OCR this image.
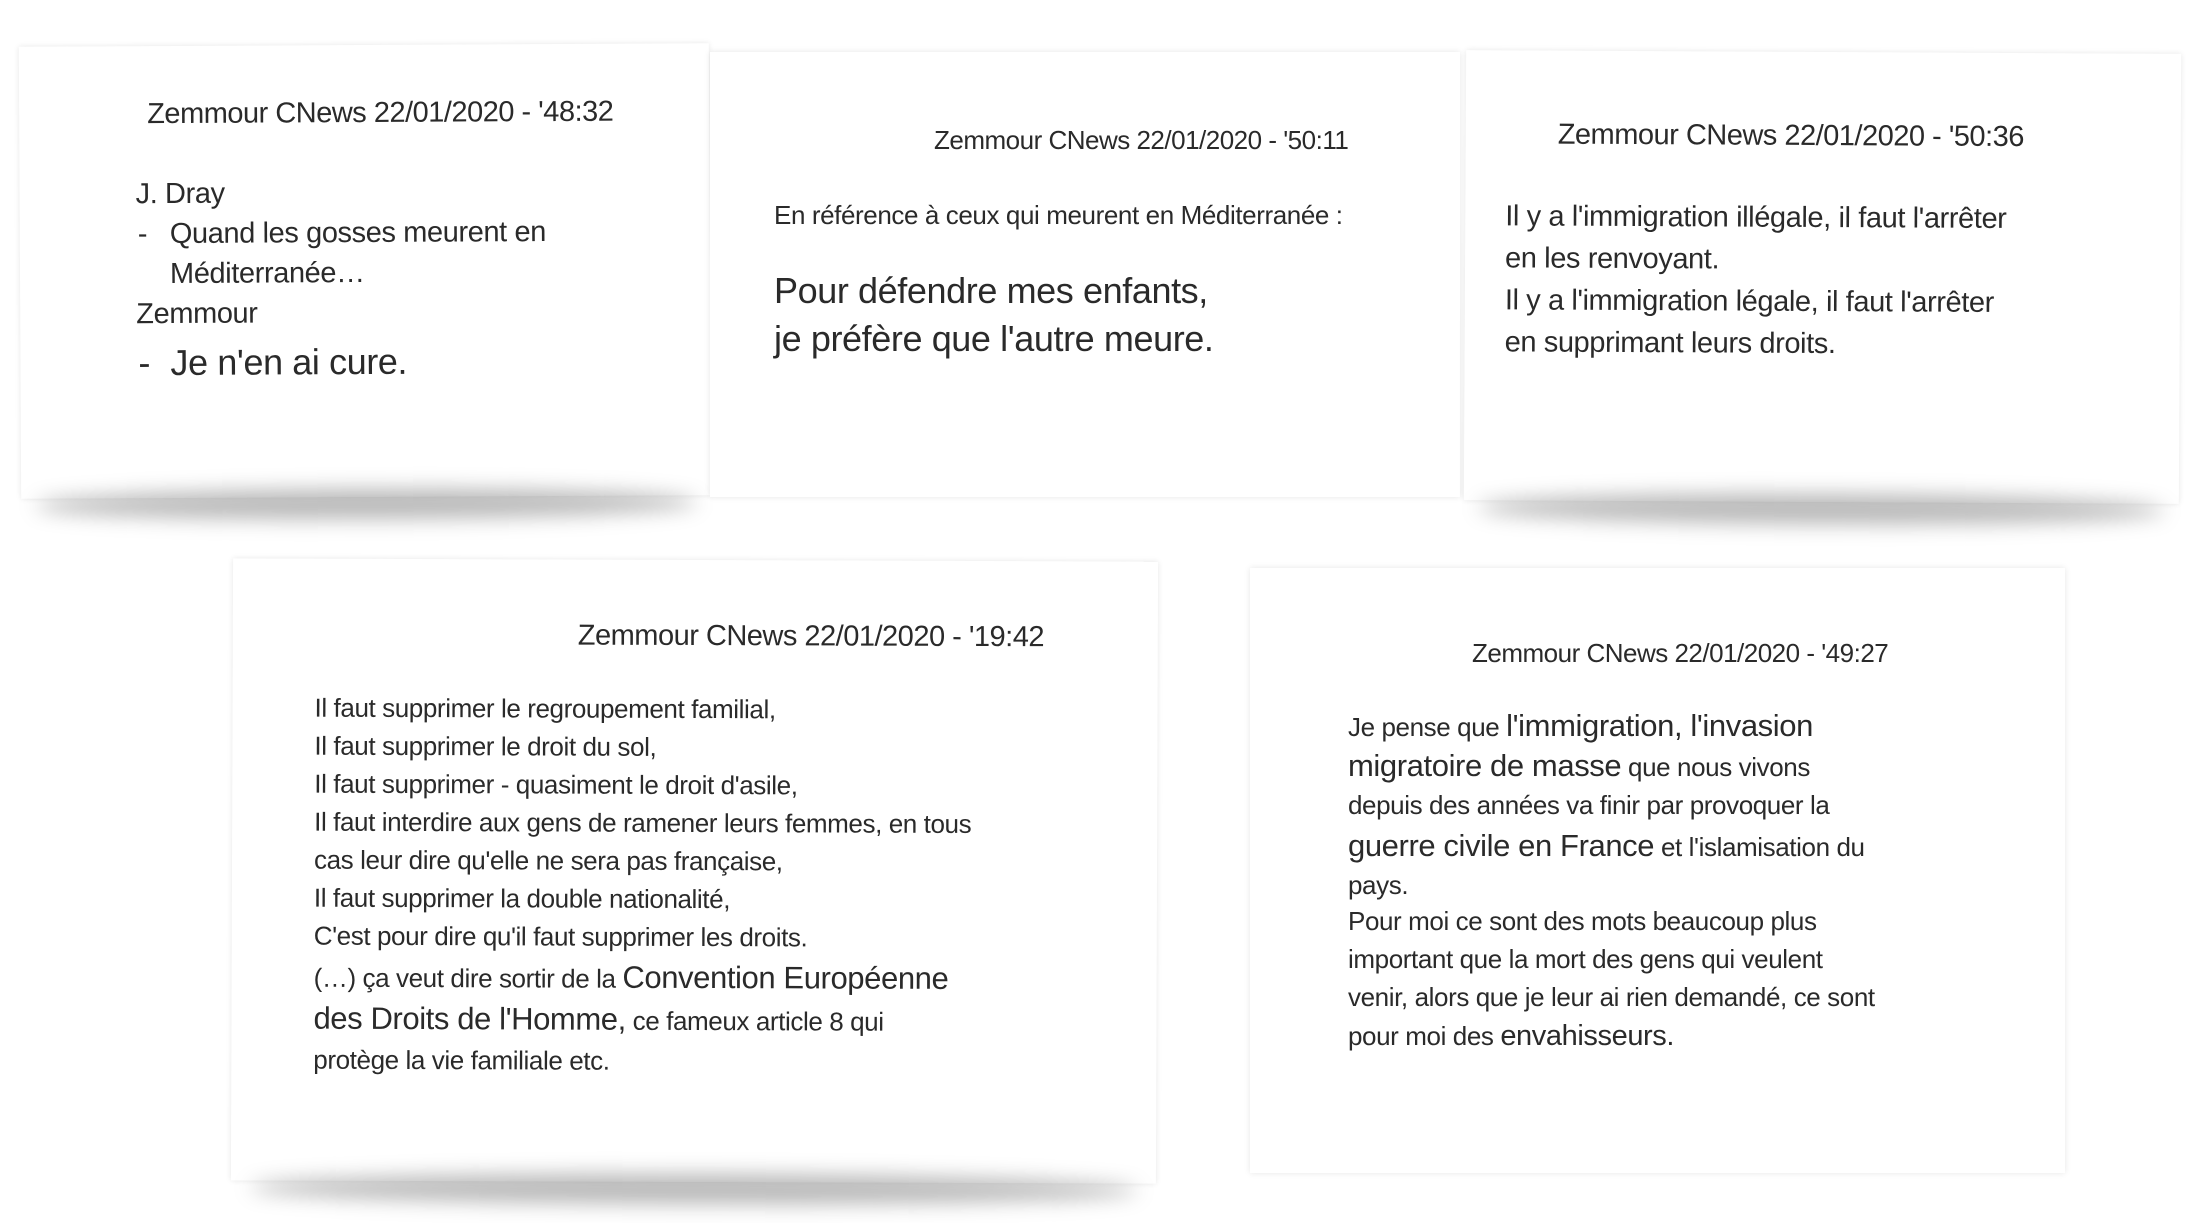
Zemmour CNews 22/01/2020 - '48:32
J. Dray
- Quand les gosses meurent en
Méditerranée…
Zemmour
- Je n'en ai cure.
Zemmour CNews 22/01/2020 - '50:11
En référence à ceux qui meurent en Méditerranée :
Pour défendre mes enfants,
je préfère que l'autre meure.
Zemmour CNews 22/01/2020 - '50:36
Il y a l'immigration illégale, il faut l'arrêter
en les renvoyant.
Il y a l'immigration légale, il faut l'arrêter
en supprimant leurs droits.
Zemmour CNews 22/01/2020 - '19:42
Il faut supprimer le regroupement familial,
Il faut supprimer le droit du sol,
Il faut supprimer - quasiment le droit d'asile,
Il faut interdire aux gens de ramener leurs femmes, en tous
cas leur dire qu'elle ne sera pas française,
Il faut supprimer la double nationalité,
C'est pour dire qu'il faut supprimer les droits.
(…) ça veut dire sortir de la Convention Européenne
des Droits de l'Homme, ce fameux article 8 qui
protège la vie familiale etc.
Zemmour CNews 22/01/2020 - '49:27
Je pense que l'immigration, l'invasion
migratoire de masse que nous vivons
depuis des années va finir par provoquer la
guerre civile en France et l'islamisation du
pays.
Pour moi ce sont des mots beaucoup plus
important que la mort des gens qui veulent
venir, alors que je leur ai rien demandé, ce sont
pour moi des envahisseurs.
